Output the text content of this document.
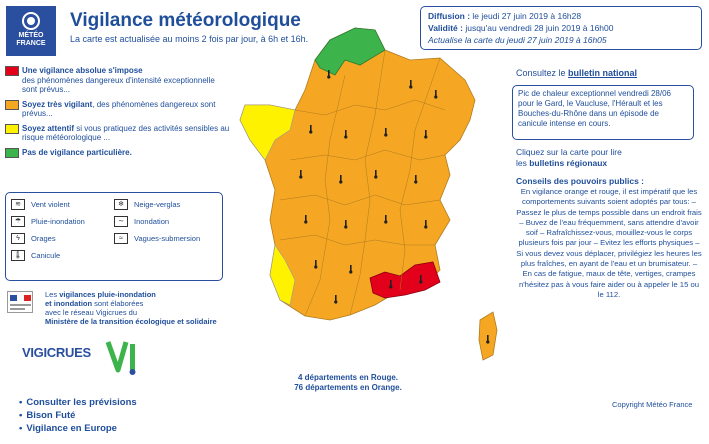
MÉTÉO
FRANCE
Vigilance météorologique
La carte est actualisée au moins 2 fois par jour, à 6h et 16h.
Diffusion : le jeudi 27 juin 2019 à 16h28
Validité : jusqu'au vendredi 28 juin 2019 à 16h00
Actualise la carte du jeudi 27 juin 2019 à 16h05
Une vigilance absolue s'impose
des phénomènes dangereux d'intensité exceptionnelle sont prévus...
Soyez très vigilant, des phénomènes dangereux sont prévus...
Soyez attentif si vous pratiquez des activités sensibles au risque météorologique ...
Pas de vigilance particulière.
≋	Vent violent	❄	Neige-verglas
☂	Pluie-inondation	∼	Inondation
ϟ	Orages	≈	Vagues-submersion
🌡	Canicule

Les vigilances pluie-inondation
et inondation sont élaborées
avec le réseau Vigicrues du
Ministère de la transition écologique et solidaire

VIGICRUES
• Consulter les prévisions
• Bison Futé
• Vigilance en Europe
4 départements en Rouge.
76 départements en Orange.
Consultez le bulletin national
Pic de chaleur exceptionnel vendredi 28/06 pour le Gard, le Vaucluse, l'Hérault et les Bouches-du-Rhône dans un épisode de canicule intense en cours.
Cliquez sur la carte pour lire
les bulletins régionaux
Conseils des pouvoirs publics :
En vigilance orange et rouge, il est impératif que les comportements suivants soient adoptés par tous: – Passez le plus de temps possible dans un endroit frais – Buvez de l'eau fréquemment, sans attendre d'avoir soif – Rafraîchissez-vous, mouillez-vous le corps plusieurs fois par jour – Evitez les efforts physiques – Si vous devez vous déplacer, privilégiez les heures les plus fraîches, en ayant de l'eau et un brumisateur. – En cas de fatigue, maux de tête, vertiges, crampes n'hésitez pas à vous faire aider ou à appeler le 15 ou le 112.
Copyright Météo France
